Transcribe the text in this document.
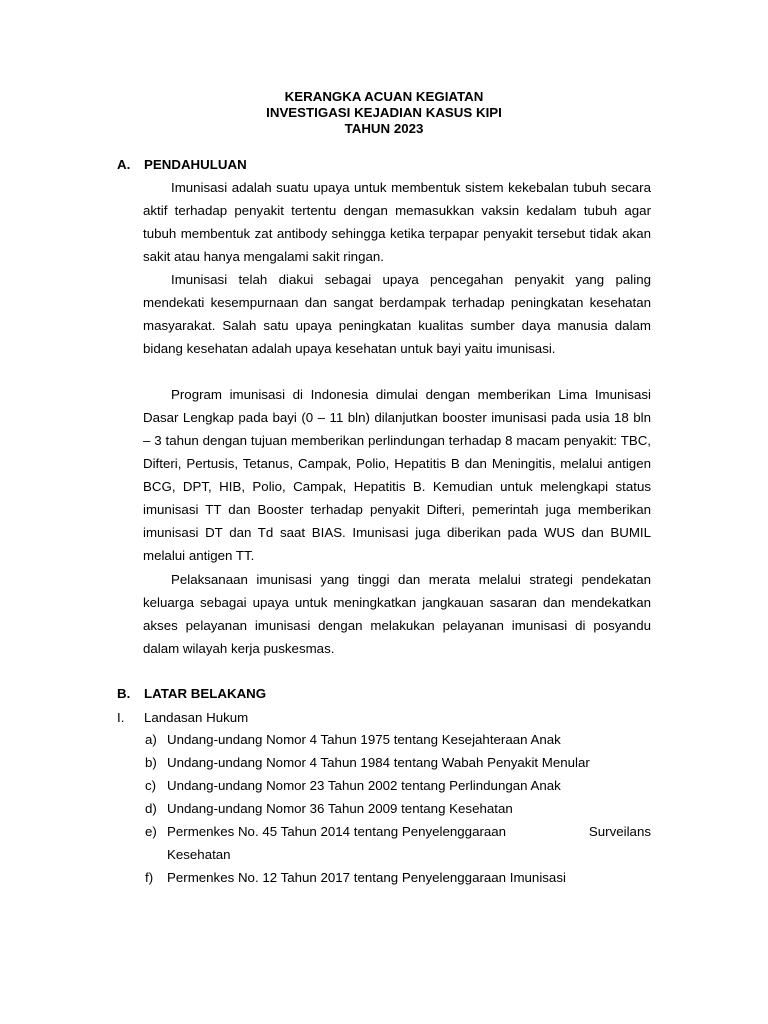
KERANGKA ACUAN KEGIATAN
INVESTIGASI KEJADIAN KASUS KIPI
TAHUN 2023
A. PENDAHULUAN

Imunisasi adalah suatu upaya untuk membentuk sistem kekebalan tubuh secara aktif terhadap penyakit tertentu dengan memasukkan vaksin kedalam tubuh agar tubuh membentuk zat antibody sehingga ketika terpapar penyakit tersebut tidak akan sakit atau hanya mengalami sakit ringan.

Imunisasi telah diakui sebagai upaya pencegahan penyakit yang paling mendekati kesempurnaan dan sangat berdampak terhadap peningkatan kesehatan masyarakat. Salah satu upaya peningkatan kualitas sumber daya manusia dalam bidang kesehatan adalah upaya kesehatan untuk bayi yaitu imunisasi.

Program imunisasi di Indonesia dimulai dengan memberikan Lima Imunisasi Dasar Lengkap pada bayi (0 – 11 bln) dilanjutkan booster imunisasi pada usia 18 bln – 3 tahun dengan tujuan memberikan perlindungan terhadap 8 macam penyakit: TBC, Difteri, Pertusis, Tetanus, Campak, Polio, Hepatitis B dan Meningitis, melalui antigen BCG, DPT, HIB, Polio, Campak, Hepatitis B. Kemudian untuk melengkapi status imunisasi TT dan Booster terhadap penyakit Difteri, pemerintah juga memberikan imunisasi DT dan Td saat BIAS. Imunisasi juga diberikan pada WUS dan BUMIL melalui antigen TT.

Pelaksanaan imunisasi yang tinggi dan merata melalui strategi pendekatan keluarga sebagai upaya untuk meningkatkan jangkauan sasaran dan mendekatkan akses pelayanan imunisasi dengan melakukan pelayanan imunisasi di posyandu dalam wilayah kerja puskesmas.

B. LATAR BELAKANG
I. Landasan Hukum
a) Undang-undang Nomor 4 Tahun 1975 tentang Kesejahteraan Anak
b) Undang-undang Nomor 4 Tahun 1984 tentang Wabah Penyakit Menular
c) Undang-undang Nomor 23 Tahun 2002 tentang Perlindungan Anak
d) Undang-undang Nomor 36 Tahun 2009 tentang Kesehatan
e) Permenkes No. 45 Tahun 2014 tentang Penyelenggaraan	Surveilans
Kesehatan
f) Permenkes No. 12 Tahun 2017 tentang Penyelenggaraan Imunisasi
